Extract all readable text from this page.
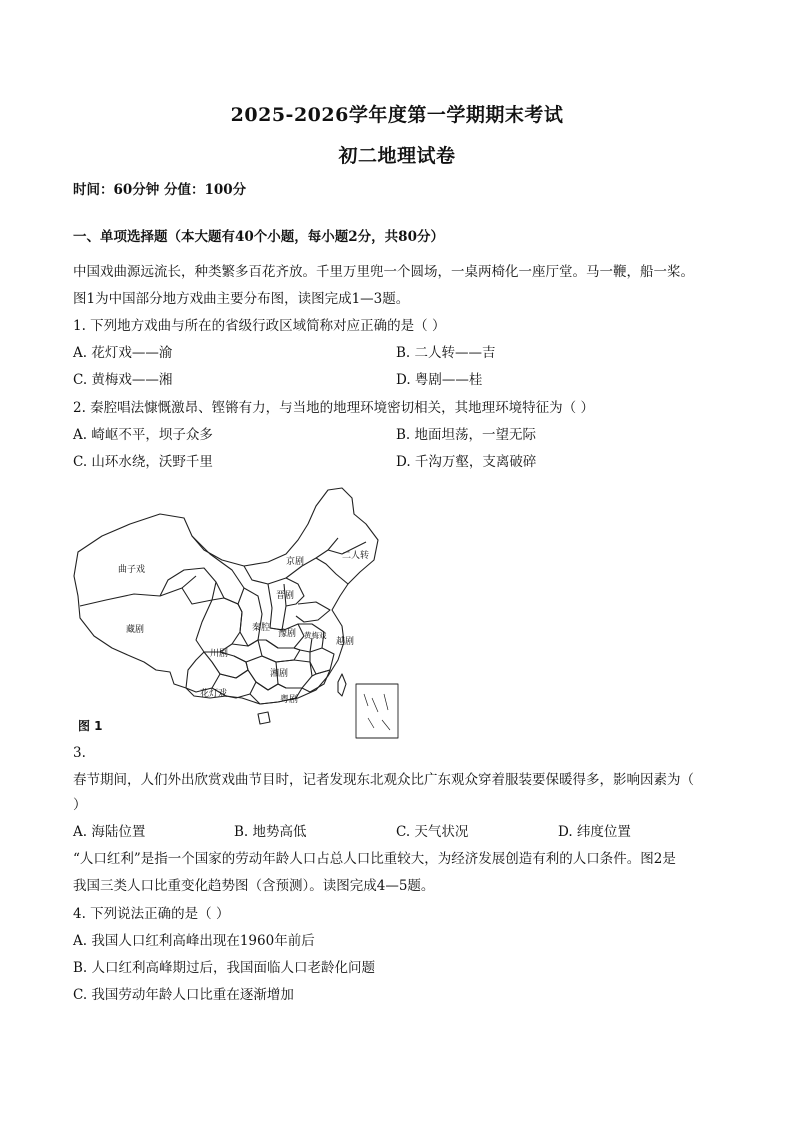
2025-2026学年度第一学期期末考试
初二地理试卷
时间：60分钟 分值：100分
一、单项选择题（本大题有40个小题，每小题2分，共80分）
中国戏曲源远流长，种类繁多百花齐放。千里万里兜一个圆场，一桌两椅化一座厅堂。马一鞭，船一桨。
图1为中国部分地方戏曲主要分布图，读图完成1—3题。
1. 下列地方戏曲与所在的省级行政区域简称对应正确的是（ ）
A. 花灯戏——渝	B. 二人转——吉
C. 黄梅戏——湘	D. 粤剧——桂
2. 秦腔唱法慷慨激昂、铿锵有力，与当地的地理环境密切相关，其地理环境特征为（ ）
A. 崎岖不平，坝子众多	B. 地面坦荡，一望无际
C. 山环水绕，沃野千里	D. 千沟万壑，支离破碎
曲子戏
藏剧
川剧
花灯戏
秦腔
晋剧
京剧
豫剧 黄梅戏
越剧
湘剧
粤剧
二人转
图 1
3.
春节期间，人们外出欣赏戏曲节目时，记者发现东北观众比广东观众穿着服装要保暖得多，影响因素为（
）
A. 海陆位置	B. 地势高低	C. 天气状况	D. 纬度位置
“人口红利”是指一个国家的劳动年龄人口占总人口比重较大，为经济发展创造有利的人口条件。图2是
我国三类人口比重变化趋势图（含预测）。读图完成4—5题。
4. 下列说法正确的是（ ）
A. 我国人口红利高峰出现在1960年前后
B. 人口红利高峰期过后，我国面临人口老龄化问题
C. 我国劳动年龄人口比重在逐渐增加
